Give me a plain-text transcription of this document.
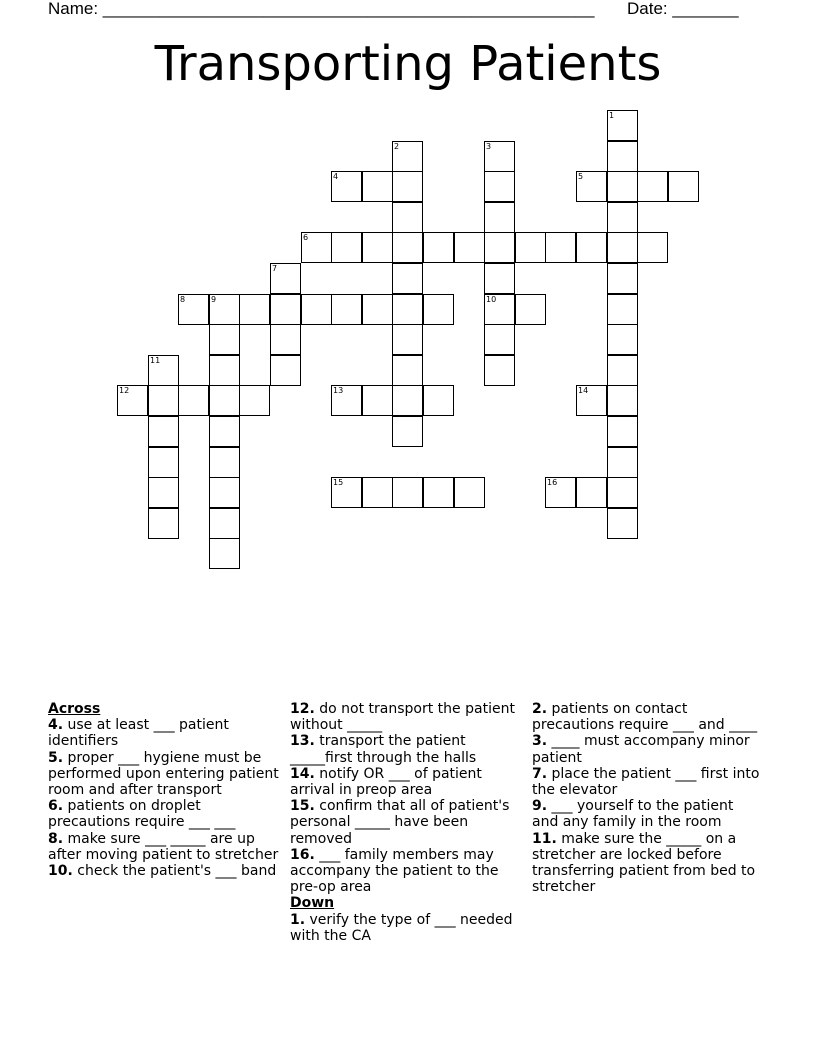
Name: ____________________________________________________ Date: _______
Transporting Patients
1
2	3
4	5
6
7
8	9	10
11
12	13	14
15	16
Across
4. use at least ___ patient identifiers
5. proper ___ hygiene must be performed upon entering patient room and after transport
6. patients on droplet precautions require ___ ___
8. make sure ___ _____ are up after moving patient to stretcher
10. check the patient's ___ band
12. do not transport the patient without _____
13. transport the patient _____first through the halls
14. notify OR ___ of patient arrival in preop area
15. confirm that all of patient's personal _____ have been removed
16. ___ family members may accompany the patient to the pre-op area
Down
1. verify the type of ___ needed with the CA
2. patients on contact precautions require ___ and ____
3. ____ must accompany minor patient
7. place the patient ___ first into the elevator
9. ___ yourself to the patient and any family in the room
11. make sure the _____ on a stretcher are locked before transferring patient from bed to stretcher
